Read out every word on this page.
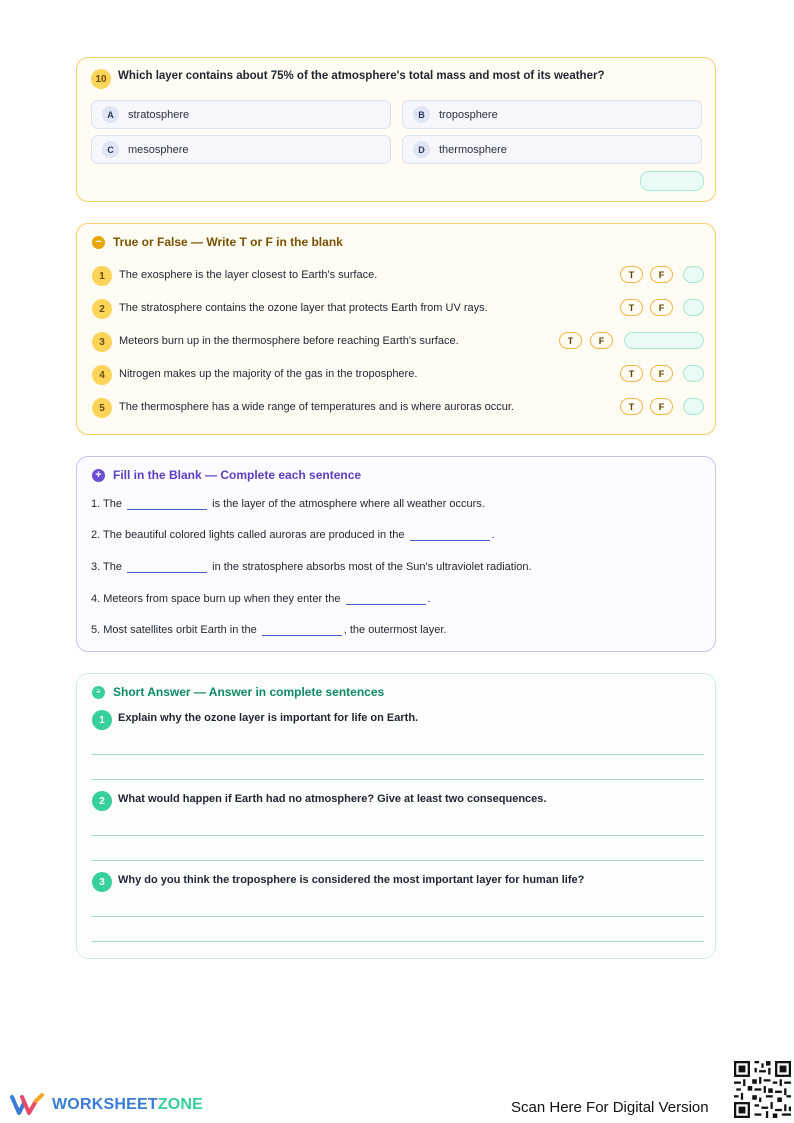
10 Which layer contains about 75% of the atmosphere's total mass and most of its weather?
A	stratosphere	B	troposphere
C	mesosphere	D	thermosphere
− True or False — Write T or F in the blank
1	The exosphere is the layer closest to Earth's surface.	T	F
2	The stratosphere contains the ozone layer that protects Earth from UV rays.	T	F
3	Meteors burn up in the thermosphere before reaching Earth's surface.	T	F
4	Nitrogen makes up the majority of the gas in the troposphere.	T	F
5	The thermosphere has a wide range of temperatures and is where auroras occur.	T	F
+ Fill in the Blank — Complete each sentence
1. The	is the layer of the atmosphere where all weather occurs.
2. The beautiful colored lights called auroras are produced in the	.
3. The	in the stratosphere absorbs most of the Sun's ultraviolet radiation.
4. Meteors from space burn up when they enter the	.
5. Most satellites orbit Earth in the	, the outermost layer.
≡	Short Answer — Answer in complete sentences
1	Explain why the ozone layer is important for life on Earth.
2	What would happen if Earth had no atmosphere? Give at least two consequences.
3	Why do you think the troposphere is considered the most important layer for human life?
WORKSHEETZONE	Scan Here For Digital Version
